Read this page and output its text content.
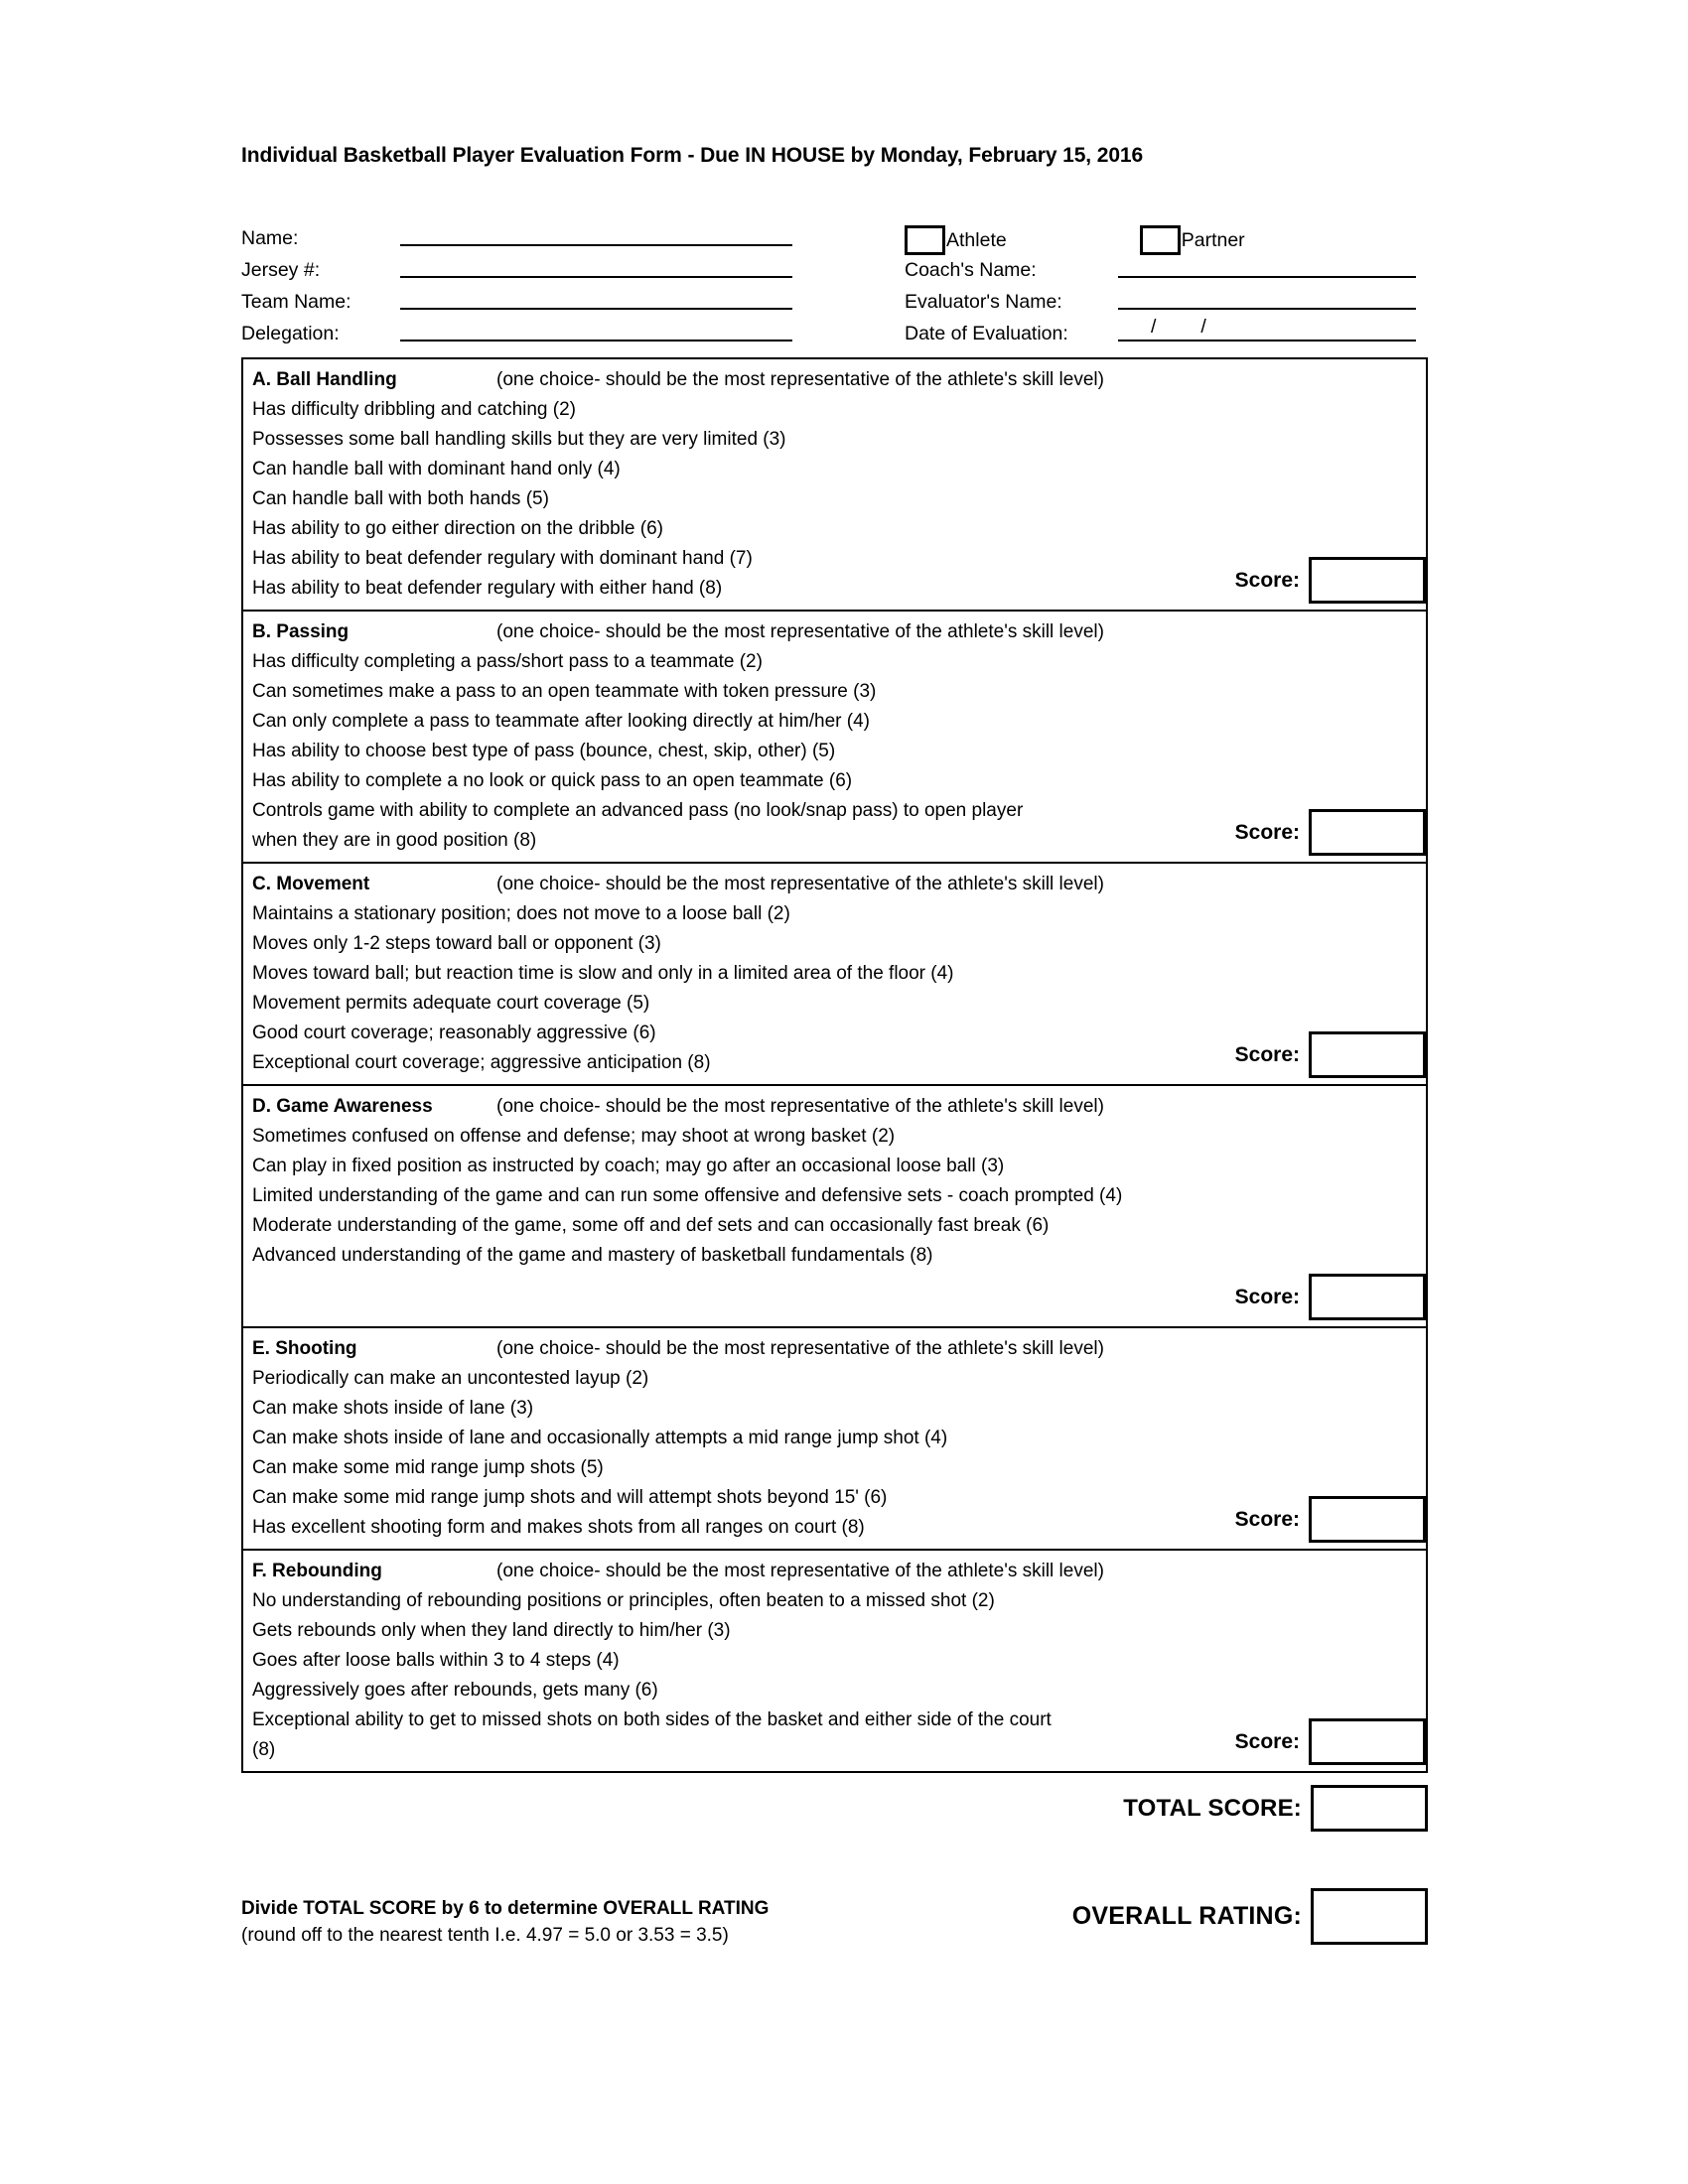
Individual Basketball Player Evaluation Form - Due IN HOUSE by Monday, February 15, 2016
Name:
Jersey #:
Team Name:
Delegation:
Athlete	Partner
Coach's Name:
Evaluator's Name:
Date of Evaluation:	/ /
A. Ball Handling	(one choice- should be the most representative of the athlete's skill level)
Has difficulty dribbling and catching (2)
Possesses some ball handling skills but they are very limited (3)
Can handle ball with dominant hand only (4)
Can handle ball with both hands (5)
Has ability to go either direction on the dribble (6)
Has ability to beat defender regulary with dominant hand (7)
Has ability to beat defender regulary with either hand (8)	Score:
B. Passing	(one choice- should be the most representative of the athlete's skill level)
Has difficulty completing a pass/short pass to a teammate (2)
Can sometimes make a pass to an open teammate with token pressure (3)
Can only complete a pass to teammate after looking directly at him/her (4)
Has ability to choose best type of pass (bounce, chest, skip, other) (5)
Has ability to complete a no look or quick pass to an open teammate (6)
Controls game with ability to complete an advanced pass (no look/snap pass) to open player when they are in good position (8)	Score:
C. Movement	(one choice- should be the most representative of the athlete's skill level)
Maintains a stationary position; does not move to a loose ball (2)
Moves only 1-2 steps toward ball or opponent (3)
Moves toward ball; but reaction time is slow and only in a limited area of the floor (4)
Movement permits adequate court coverage (5)
Good court coverage; reasonably aggressive (6)
Exceptional court coverage; aggressive anticipation (8)	Score:
D. Game Awareness	(one choice- should be the most representative of the athlete's skill level)
Sometimes confused on offense and defense; may shoot at wrong basket (2)
Can play in fixed position as instructed by coach; may go after an occasional loose ball (3)
Limited understanding of the game and can run some offensive and defensive sets - coach prompted (4)
Moderate understanding of the game, some off and def sets and can occasionally fast break (6)
Advanced understanding of the game and mastery of basketball fundamentals (8)
Score:
E. Shooting	(one choice- should be the most representative of the athlete's skill level)
Periodically can make an uncontested layup (2)
Can make shots inside of lane (3)
Can make shots inside of lane and occasionally attempts a mid range jump shot (4)
Can make some mid range jump shots (5)
Can make some mid range jump shots and will attempt shots beyond 15' (6)
Has excellent shooting form and makes shots from all ranges on court (8)	Score:
F. Rebounding	(one choice- should be the most representative of the athlete's skill level)
No understanding of rebounding positions or principles, often beaten to a missed shot (2)
Gets rebounds only when they land directly to him/her (3)
Goes after loose balls within 3 to 4 steps (4)
Aggressively goes after rebounds, gets many (6)
Exceptional ability to get to missed shots on both sides of the basket and either side of the court (8)	Score:
TOTAL SCORE:
Divide TOTAL SCORE by 6 to determine OVERALL RATING
(round off to the nearest tenth I.e. 4.97 = 5.0 or 3.53 = 3.5)
OVERALL RATING:
